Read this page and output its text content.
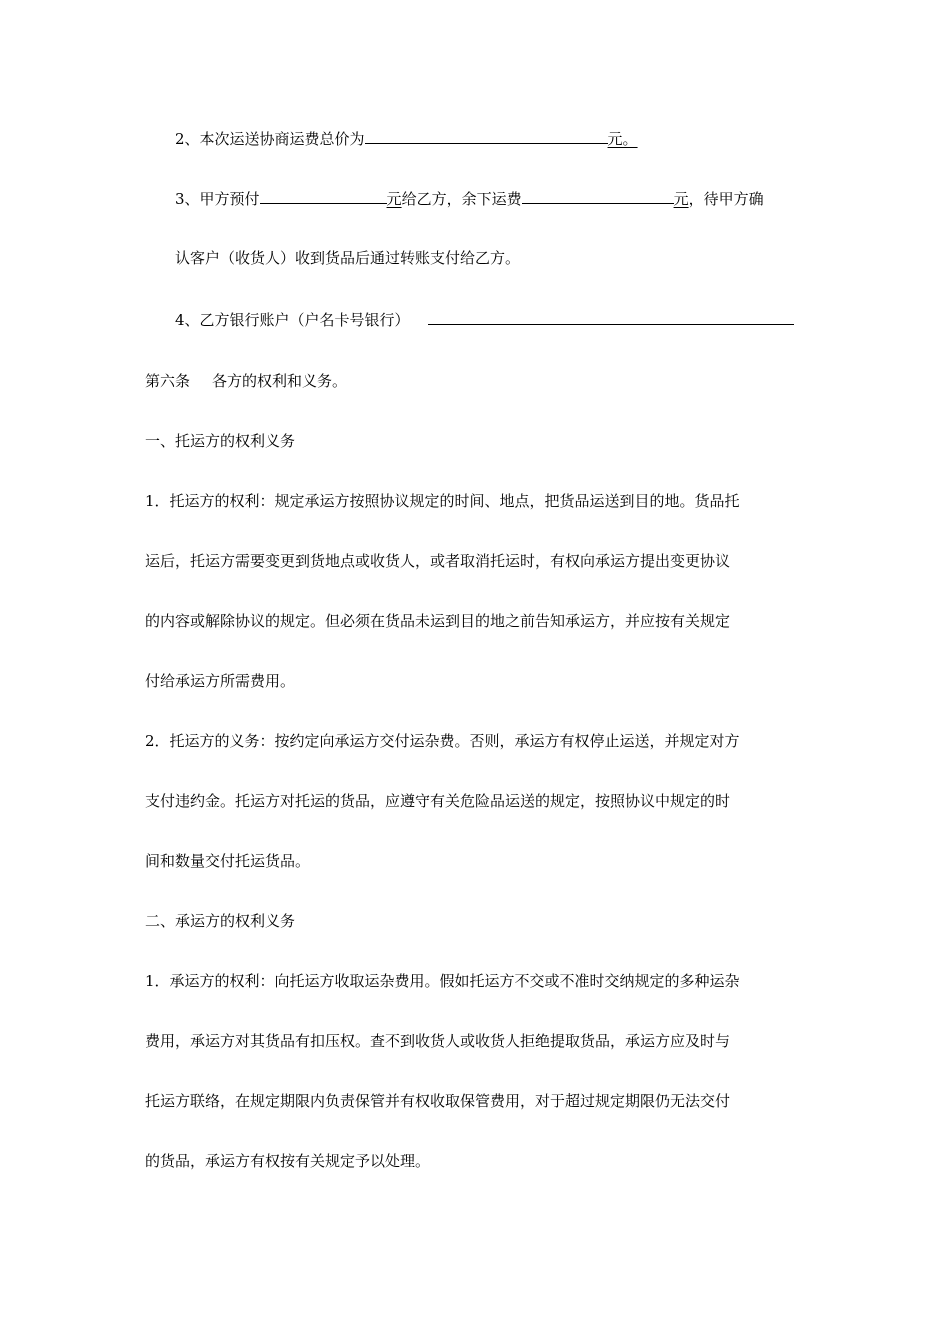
2、本次运送协商运费总价为	元。
3、甲方预付	元给乙方，余下运费	元，待甲方确
认客户（收货人）收到货品后通过转账支付给乙方。
4、乙方银行账户（户名卡号银行）
第六条 各方的权利和义务。
一、托运方的权利义务
1．托运方的权利：规定承运方按照协议规定的时间、地点，把货品运送到目的地。货品托
运后，托运方需要变更到货地点或收货人，或者取消托运时，有权向承运方提出变更协议
的内容或解除协议的规定。但必须在货品未运到目的地之前告知承运方，并应按有关规定
付给承运方所需费用。
2．托运方的义务：按约定向承运方交付运杂费。否则，承运方有权停止运送，并规定对方
支付违约金。托运方对托运的货品，应遵守有关危险品运送的规定，按照协议中规定的时
间和数量交付托运货品。
二、承运方的权利义务
1．承运方的权利：向托运方收取运杂费用。假如托运方不交或不准时交纳规定的多种运杂
费用，承运方对其货品有扣压权。查不到收货人或收货人拒绝提取货品，承运方应及时与
托运方联络，在规定期限内负责保管并有权收取保管费用，对于超过规定期限仍无法交付
的货品，承运方有权按有关规定予以处理。
